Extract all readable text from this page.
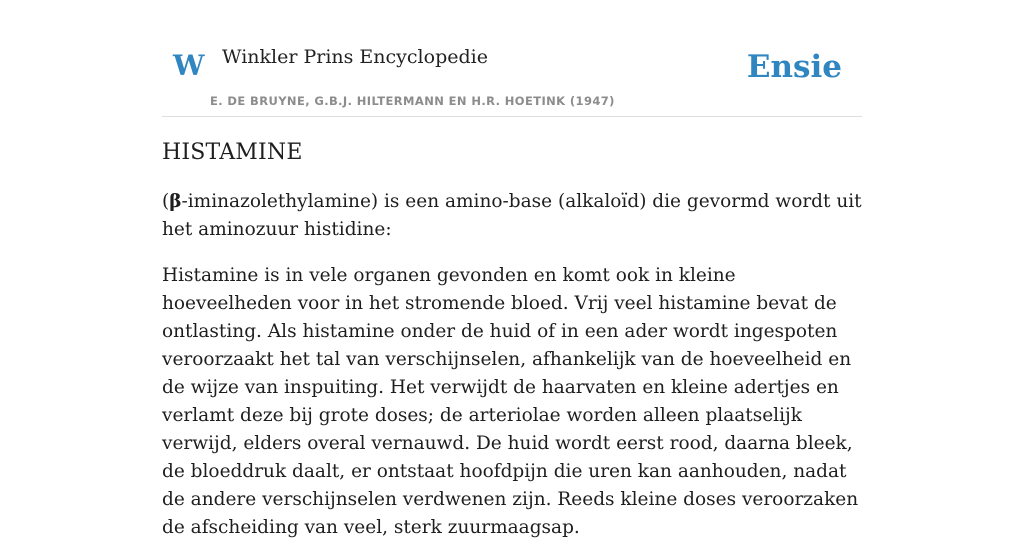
W Winkler Prins Encyclopedie
E. DE BRUYNE, G.B.J. HILTERMANN EN H.R. HOETINK (1947)
Ensie
HISTAMINE

(β-iminazolethylamine) is een amino-base (alkaloïd) die gevormd wordt uit het aminozuur histidine:

Histamine is in vele organen gevonden en komt ook in kleine hoeveelheden voor in het stromende bloed. Vrij veel histamine bevat de ontlasting. Als histamine onder de huid of in een ader wordt ingespoten veroorzaakt het tal van verschijnselen, afhankelijk van de hoeveelheid en de wijze van inspuiting. Het verwijdt de haarvaten en kleine adertjes en verlamt deze bij grote doses; de arteriolae worden alleen plaatselijk verwijd, elders overal vernauwd. De huid wordt eerst rood, daarna bleek, de bloeddruk daalt, er ontstaat hoofdpijn die uren kan aanhouden, nadat de andere verschijnselen verdwenen zijn. Reeds kleine doses veroorzaken de afscheiding van veel, sterk zuurmaagsap.
